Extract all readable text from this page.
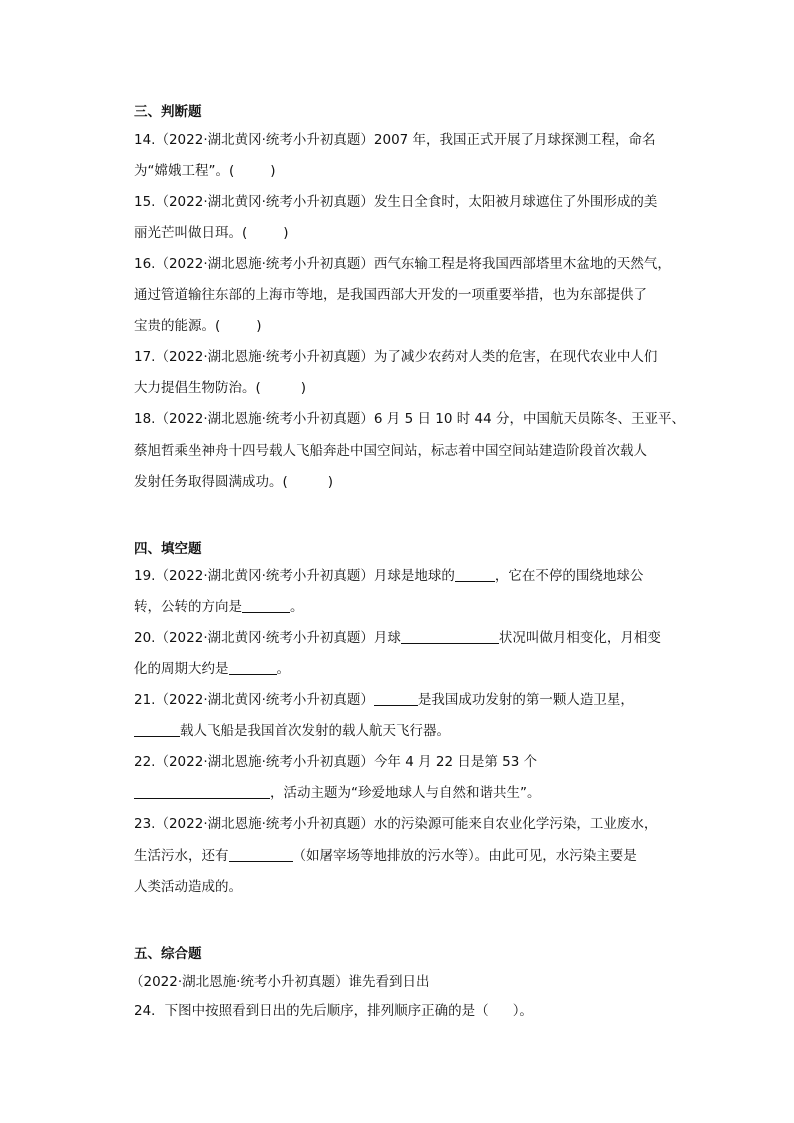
三、判断题
14.（2022·湖北黄冈·统考小升初真题）2007 年，我国正式开展了月球探测工程，命名
为“嫦娥工程”。(	)
15.（2022·湖北黄冈·统考小升初真题）发生日全食时，太阳被月球遮住了外围形成的美
丽光芒叫做日珥。(	)
16.（2022·湖北恩施·统考小升初真题）西气东输工程是将我国西部塔里木盆地的天然气，
通过管道输往东部的上海市等地，是我国西部大开发的一项重要举措，也为东部提供了
宝贵的能源。(	)
17.（2022·湖北恩施·统考小升初真题）为了减少农药对人类的危害，在现代农业中人们
大力提倡生物防治。(	)
18.（2022·湖北恩施·统考小升初真题）6 月 5 日 10 时 44 分，中国航天员陈冬、王亚平、
蔡旭哲乘坐神舟十四号载人飞船奔赴中国空间站，标志着中国空间站建造阶段首次载人
发射任务取得圆满成功。(	)
四、填空题
19.（2022·湖北黄冈·统考小升初真题）月球是地球的	，它在不停的围绕地球公
转，公转的方向是	。
20.（2022·湖北黄冈·统考小升初真题）月球	状况叫做月相变化，月相变
化的周期大约是	。
21.（2022·湖北黄冈·统考小升初真题）	是我国成功发射的第一颗人造卫星，
载人飞船是我国首次发射的载人航天飞行器。
22.（2022·湖北恩施·统考小升初真题）今年 4 月 22 日是第 53 个
，活动主题为“珍爱地球人与自然和谐共生”。
23.（2022·湖北恩施·统考小升初真题）水的污染源可能来自农业化学污染，工业废水，
生活污水，还有	（如屠宰场等地排放的污水等）。由此可见，水污染主要是
人类活动造成的。
五、综合题
（2022·湖北恩施·统考小升初真题）谁先看到日出
24．下图中按照看到日出的先后顺序，排列顺序正确的是（ ）。
